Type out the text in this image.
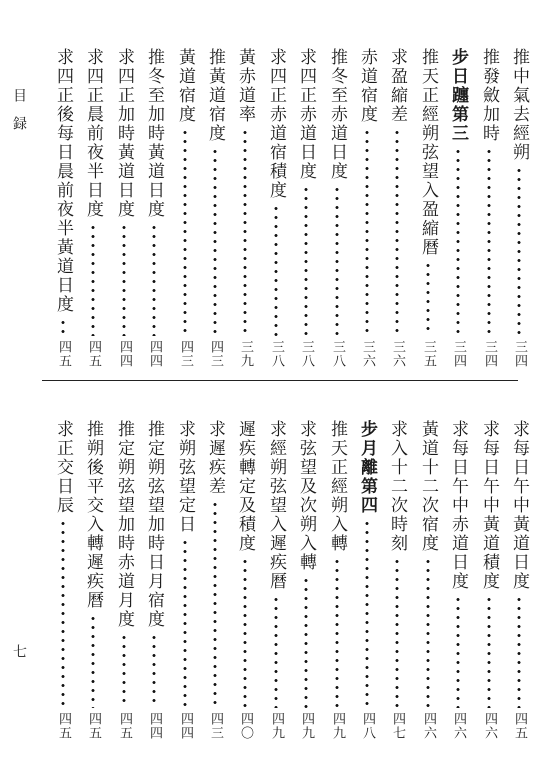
目録
七
推中氣去經朔
三四
推發斂加時
三四
步日躔第三
三四
推天正經朔弦望入盈縮曆
三五
求盈縮差
三六
赤道宿度
三六
推冬至赤道日度
三八
求四正赤道日度
三八
求四正赤道宿積度
三八
黃赤道率
三九
推黃道宿度
四三
黃道宿度
四三
推冬至加時黃道日度
四四
求四正加時黃道日度
四四
求四正晨前夜半日度
四五
求四正後每日晨前夜半黃道日度
四五
求每日午中黃道日度
四五
求每日午中黃道積度
四六
求每日午中赤道日度
四六
黃道十二次宿度
四六
求入十二次時刻
四七
步月離第四
四八
推天正經朔入轉
四九
求弦望及次朔入轉
四九
求經朔弦望入遲疾曆
四九
遲疾轉定及積度
四〇
求遲疾差
四三
求朔弦望定日
四四
推定朔弦望加時日月宿度
四四
推定朔弦望加時赤道月度
四五
推朔後平交入轉遲疾曆
四五
求正交日辰
四五
